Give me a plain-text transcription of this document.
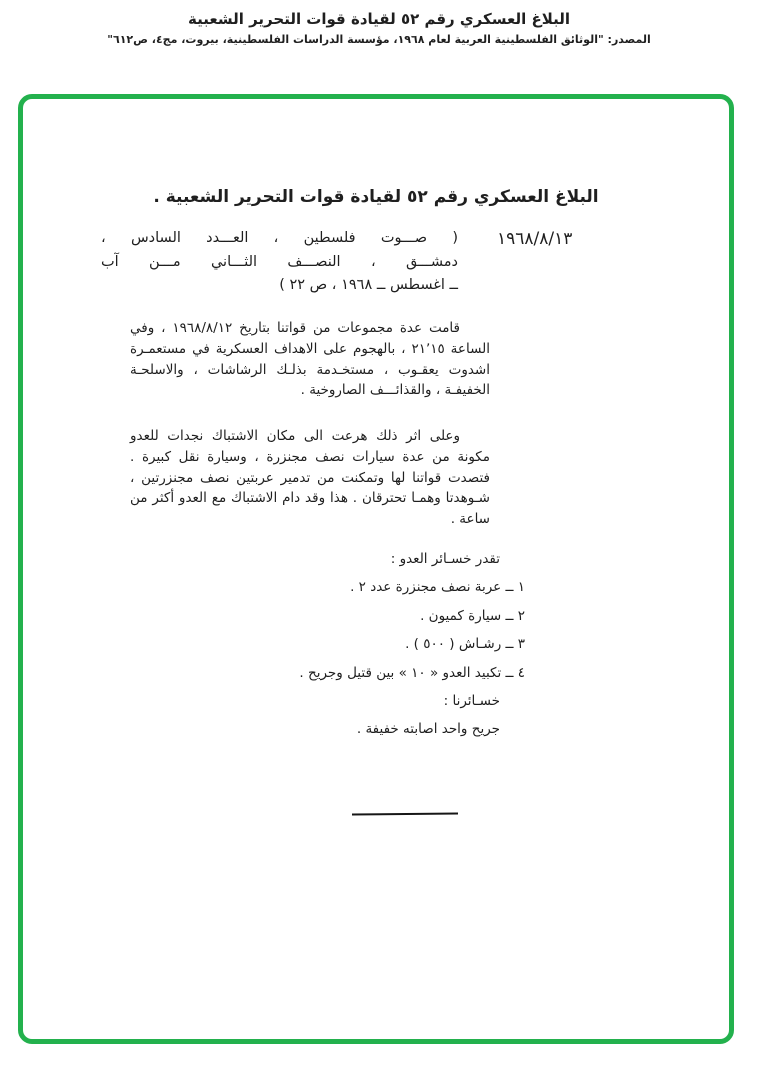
البلاغ العسكري رقم ٥٢ لقيادة قوات التحرير الشعبية
المصدر: "الوثائق الفلسطينية العربية لعام ١٩٦٨، مؤسسة الدراسات الفلسطينية، بيروت، مج٤، ص٦١٢"
البلاغ العسكري رقم ٥٢ لقيادة قوات التحرير الشعبية .
١٩٦٨/٨/١٣
( صـــوت فلسطين ، العـــدد السادس ،
دمشـــق ، النصـــف الثـــاني مـــن آب
ــ اغسطس ــ ١٩٦٨ ، ص ٢٢ )

قامت عدة مجموعات من قواتنا بتاريخ ١٩٦٨/٨/١٢ ، وفي الساعة ٢١٬١٥ ، بالهجوم على الاهداف العسكرية في مستعمـرة اشدوت يعقـوب ، مستخـدمة بذلـك الرشاشات ، والاسلحـة الخفيفـة ، والقذائـــف الصاروخية .

وعلى اثر ذلك هرعت الى مكان الاشتباك نجدات للعدو مكونة من عدة سيارات نصف مجنزرة ، وسيارة نقل كبيرة . فتصدت قواتنا لها وتمكنت من تدمير عربتين نصف مجنزرتين ، شـوهدتا وهمـا تحترقان . هذا وقد دام الاشتباك مع العدو أكثر من ساعة .

تقدر خسـائر العدو :
١ ــ عربة نصف مجنزرة عدد ٢ .
٢ ــ سيارة كميون .
٣ ــ رشـاش ( ٥٠٠ ) .
٤ ــ تكبيد العدو « ١٠ » بين قتيل وجريح .
خسـائرنا :
جريح واحد اصابته خفيفة .
